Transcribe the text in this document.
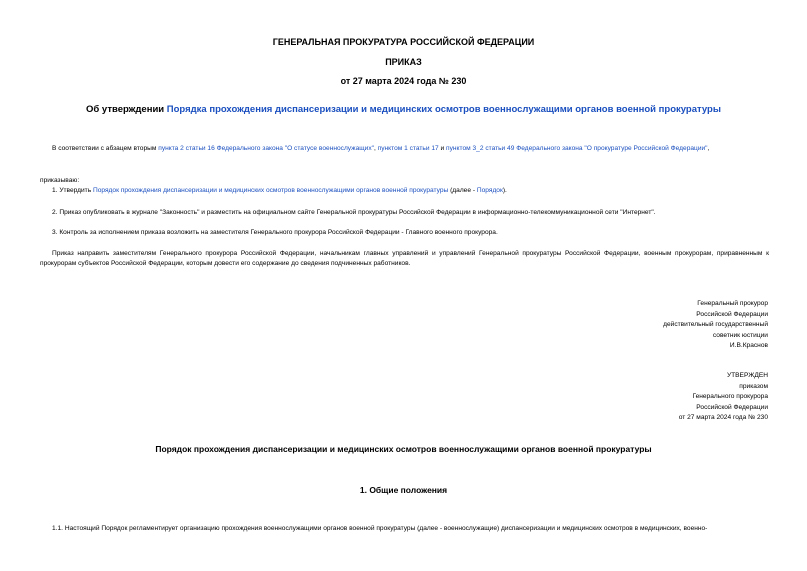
ГЕНЕРАЛЬНАЯ ПРОКУРАТУРА РОССИЙСКОЙ ФЕДЕРАЦИИ
ПРИКАЗ
от 27 марта 2024 года № 230
Об утверждении Порядка прохождения диспансеризации и медицинских осмотров военнослужащими органов военной прокуратуры
В соответствии с абзацем вторым пункта 2 статьи 16 Федерального закона "О статусе военнослужащих", пунктом 1 статьи 17 и пунктом 3_2 статьи 49 Федерального закона "О прокуратуре Российской Федерации",
приказываю:
1. Утвердить Порядок прохождения диспансеризации и медицинских осмотров военнослужащими органов военной прокуратуры (далее - Порядок).
2. Приказ опубликовать в журнале "Законность" и разместить на официальном сайте Генеральной прокуратуры Российской Федерации в информационно-телекоммуникационной сети "Интернет".
3. Контроль за исполнением приказа возложить на заместителя Генерального прокурора Российской Федерации - Главного военного прокурора.
Приказ направить заместителям Генерального прокурора Российской Федерации, начальникам главных управлений и управлений Генеральной прокуратуры Российской Федерации, военным прокурорам, приравненным к прокурорам субъектов Российской Федерации, которым довести его содержание до сведения подчиненных работников.
Генеральный прокурор
Российской Федерации
действительный государственный
советник юстиции
И.В.Краснов
УТВЕРЖДЕН
приказом
Генерального прокурора
Российской Федерации
от 27 марта 2024 года № 230
Порядок прохождения диспансеризации и медицинских осмотров военнослужащими органов военной прокуратуры
1. Общие положения
1.1. Настоящий Порядок регламентирует организацию прохождения военнослужащими органов военной прокуратуры (далее - военнослужащие) диспансеризации и медицинских осмотров в медицинских, военно-
